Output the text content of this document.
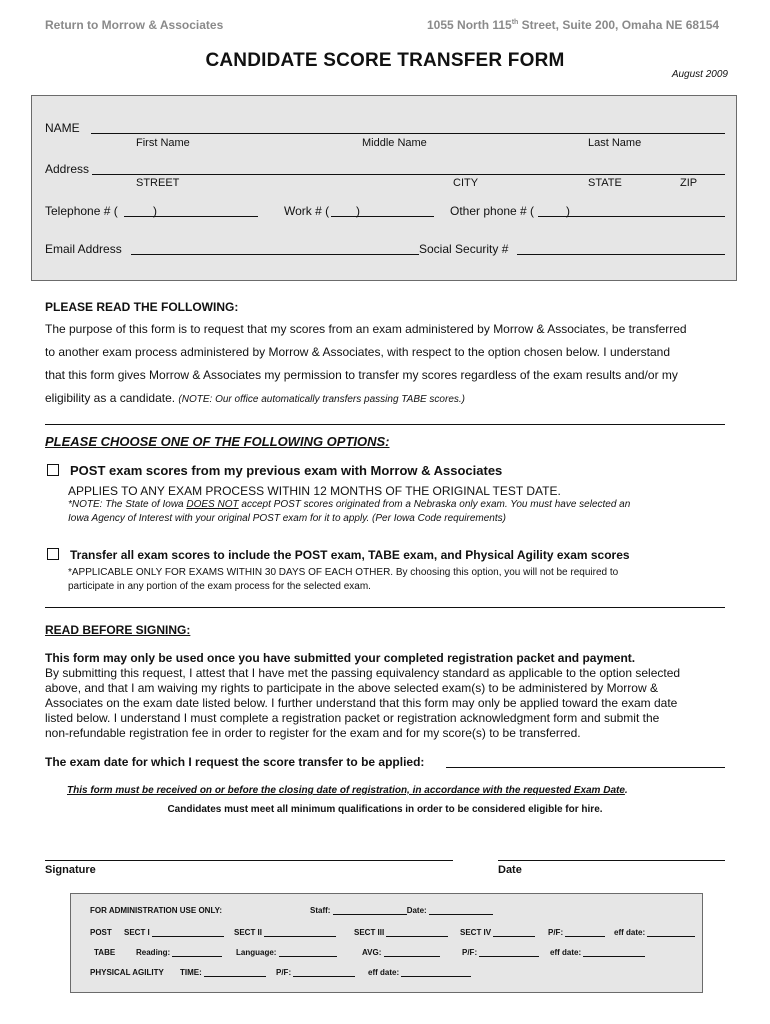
Return to Morrow & Associates	1055 North 115th Street, Suite 200, Omaha NE 68154
CANDIDATE SCORE TRANSFER FORM
August 2009
NAME
First Name	Middle Name	Last Name
Address
STREET	CITY	STATE	ZIP
Telephone # (	)	Work # ( )	Other phone # (	)
Email Address	Social Security #
PLEASE READ THE FOLLOWING:
The purpose of this form is to request that my scores from an exam administered by Morrow & Associates, be transferred
to another exam process administered by Morrow & Associates, with respect to the option chosen below. I understand
that this form gives Morrow & Associates my permission to transfer my scores regardless of the exam results and/or my
eligibility as a candidate. (NOTE: Our office automatically transfers passing TABE scores.)
PLEASE CHOOSE ONE OF THE FOLLOWING OPTIONS:
POST exam scores from my previous exam with Morrow & Associates
APPLIES TO ANY EXAM PROCESS WITHIN 12 MONTHS OF THE ORIGINAL TEST DATE.
*NOTE: The State of Iowa DOES NOT accept POST scores originated from a Nebraska only exam. You must have selected an
Iowa Agency of Interest with your original POST exam for it to apply. (Per Iowa Code requirements)
Transfer all exam scores to include the POST exam, TABE exam, and Physical Agility exam scores
*APPLICABLE ONLY FOR EXAMS WITHIN 30 DAYS OF EACH OTHER. By choosing this option, you will not be required to
participate in any portion of the exam process for the selected exam.
READ BEFORE SIGNING:
This form may only be used once you have submitted your completed registration packet and payment.
By submitting this request, I attest that I have met the passing equivalency standard as applicable to the option selected
above, and that I am waiving my rights to participate in the above selected exam(s) to be administered by Morrow &
Associates on the exam date listed below. I further understand that this form may only be applied toward the exam date
listed below. I understand I must complete a registration packet or registration acknowledgment form and submit the
non-refundable registration fee in order to register for the exam and for my score(s) to be transferred.
The exam date for which I request the score transfer to be applied:
This form must be received on or before the closing date of registration, in accordance with the requested Exam Date.
Candidates must meet all minimum qualifications in order to be considered eligible for hire.
Signature	Date
FOR ADMINISTRATION USE ONLY:	Staff:	Date:
POST SECT I	SECT II	SECT III	SECT IV	P/F:	eff date:
TABE	Reading:	Language:	AVG:	P/F:	eff date:
PHYSICAL AGILITY TIME:	P/F:	eff date:
